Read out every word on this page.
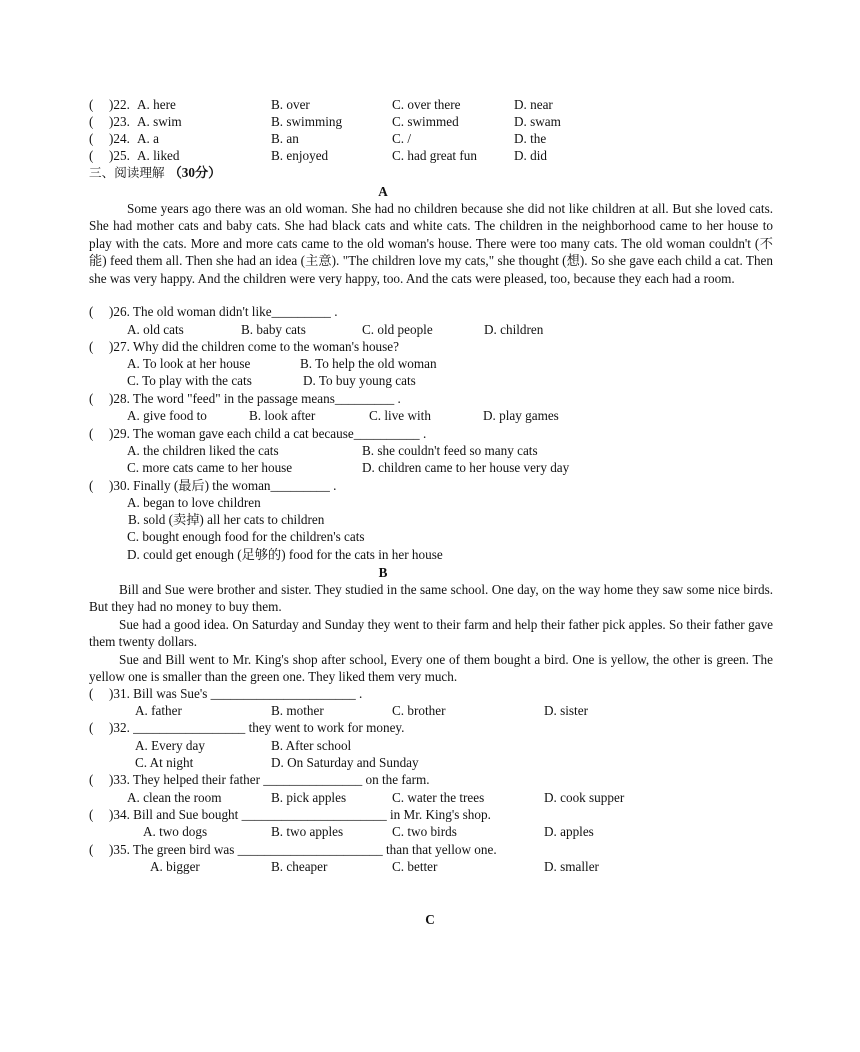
( )22. A. here	B. over	C. over there	D. near
( )23. A. swim	B. swimming	C. swimmed	D. swam
( )24. A. a	B. an	C. /	D. the
( )25. A. liked	B. enjoyed	C. had great fun	D. did
三、阅读理解 （30分）
A
Some years ago there was an old woman. She had no children because she did not like children at all. But she loved cats. She had mother cats and baby cats. She had black cats and white cats. The children in the neighborhood came to her house to play with the cats. More and more cats came to the old woman's house. There were too many cats. The old woman couldn't (不能) feed them all. Then she had an idea (主意). "The children love my cats," she thought (想). So she gave each child a cat. Then she was very happy. And the children were very happy, too. And the cats were pleased, too, because they each had a room.
( )26. The old woman didn't like_________ .
A. old cats	B. baby cats	C. old people	D. children
( )27. Why did the children come to the woman's house?
A. To look at her house	B. To help the old woman
C. To play with the cats	D. To buy young cats
( )28. The word "feed" in the passage means_________ .
A. give food to	B. look after	C. live with	D. play games
( )29. The woman gave each child a cat because__________ .
A. the children liked the cats	B. she couldn't feed so many cats
C. more cats came to her house	D. children came to her house very day
( )30. Finally (最后) the woman_________ .
A. began to love children
B. sold (卖掉) all her cats to children
C. bought enough food for the children's cats
D. could get enough (足够的) food for the cats in her house
B
Bill and Sue were brother and sister. They studied in the same school. One day, on the way home they saw some nice birds. But they had no money to buy them.
Sue had a good idea. On Saturday and Sunday they went to their farm and help their father pick apples. So their father gave them twenty dollars.
Sue and Bill went to Mr. King's shop after school, Every one of them bought a bird. One is yellow, the other is green. The yellow one is smaller than the green one. They liked them very much.
( )31. Bill was Sue's ______________________ .
A. father	B. mother	C. brother	D. sister
( )32. _________________ they went to work for money.
A. Every day	B. After school
C. At night	D. On Saturday and Sunday
( )33. They helped their father _______________ on the farm.
A. clean the room	B. pick apples	C. water the trees	D. cook supper
( )34. Bill and Sue bought ______________________ in Mr. King's shop.
A. two dogs	B. two apples	C. two birds	D. apples
( )35. The green bird was ______________________ than that yellow one.
A. bigger	B. cheaper	C. better	D. smaller
C
